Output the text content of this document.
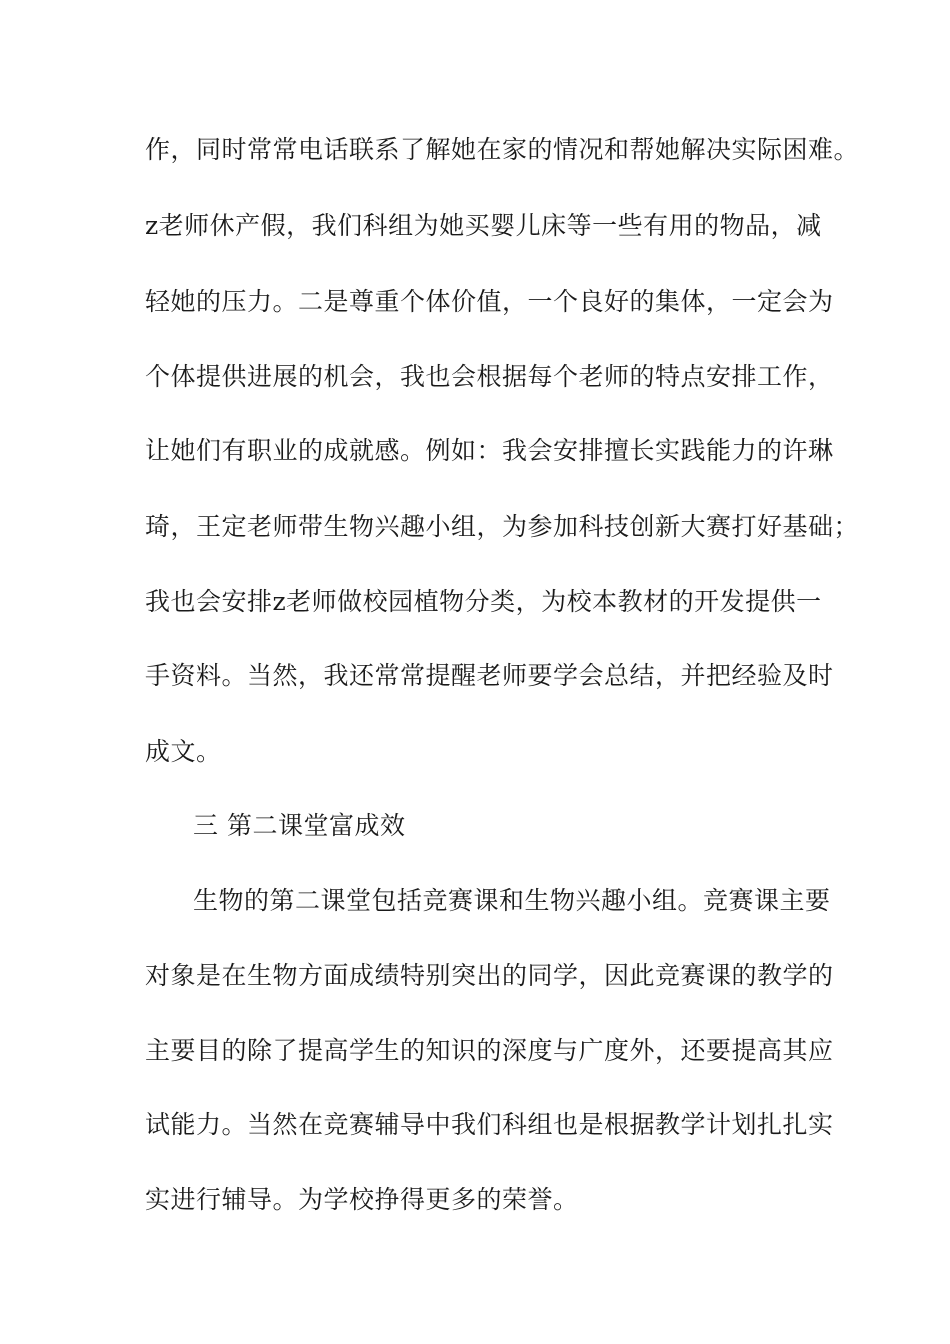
作，同时常常电话联系了解她在家的情况和帮她解决实际困难。
z老师休产假，我们科组为她买婴儿床等一些有用的物品，减
轻她的压力。二是尊重个体价值，一个良好的集体，一定会为
个体提供进展的机会，我也会根据每个老师的特点安排工作，
让她们有职业的成就感。例如：我会安排擅长实践能力的许琳
琦，王定老师带生物兴趣小组，为参加科技创新大赛打好基础；
我也会安排z老师做校园植物分类，为校本教材的开发提供一
手资料。当然，我还常常提醒老师要学会总结，并把经验及时
成文。
三 第二课堂富成效
生物的第二课堂包括竞赛课和生物兴趣小组。竞赛课主要
对象是在生物方面成绩特别突出的同学，因此竞赛课的教学的
主要目的除了提高学生的知识的深度与广度外，还要提高其应
试能力。当然在竞赛辅导中我们科组也是根据教学计划扎扎实
实进行辅导。为学校挣得更多的荣誉。
